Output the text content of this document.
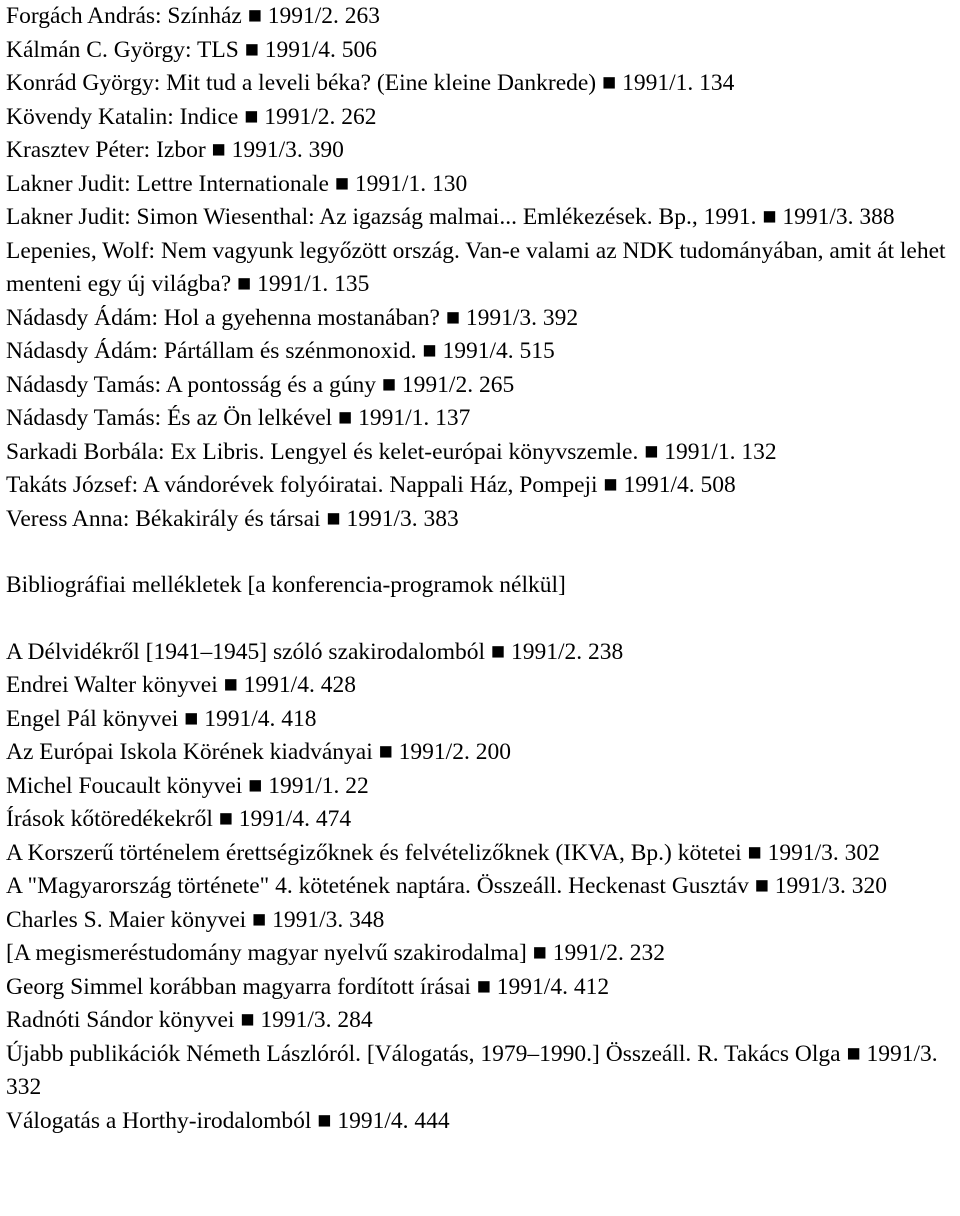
Forgách András: Színház ■ 1991/2. 263
Kálmán C. György: TLS ■ 1991/4. 506
Konrád György: Mit tud a leveli béka? (Eine kleine Dankrede) ■ 1991/1. 134
Kövendy Katalin: Indice ■ 1991/2. 262
Krasztev Péter: Izbor ■ 1991/3. 390
Lakner Judit: Lettre Internationale ■ 1991/1. 130
Lakner Judit: Simon Wiesenthal: Az igazság malmai... Emlékezések. Bp., 1991. ■ 1991/3. 388
Lepenies, Wolf: Nem vagyunk legyőzött ország. Van-e valami az NDK tudományában, amit át lehet menteni egy új világba? ■ 1991/1. 135
Nádasdy Ádám: Hol a gyehenna mostanában? ■ 1991/3. 392
Nádasdy Ádám: Pártállam és szénmonoxid. ■ 1991/4. 515
Nádasdy Tamás: A pontosság és a gúny ■ 1991/2. 265
Nádasdy Tamás: És az Ön lelkével ■ 1991/1. 137
Sarkadi Borbála: Ex Libris. Lengyel és kelet-európai könyvszemle. ■ 1991/1. 132
Takáts József: A vándorévek folyóiratai. Nappali Ház, Pompeji ■ 1991/4. 508
Veress Anna: Békakirály és társai ■ 1991/3. 383
Bibliográfiai mellékletek [a konferencia-programok nélkül]
A Délvidékről [1941–1945] szóló szakirodalomból ■ 1991/2. 238
Endrei Walter könyvei ■ 1991/4. 428
Engel Pál könyvei ■ 1991/4. 418
Az Európai Iskola Körének kiadványai ■ 1991/2. 200
Michel Foucault könyvei ■ 1991/1. 22
Írások kőtöredékekről ■ 1991/4. 474
A Korszerű történelem érettségizőknek és felvételizőknek (IKVA, Bp.) kötetei ■ 1991/3. 302
A "Magyarország története" 4. kötetének naptára. Összeáll. Heckenast Gusztáv ■ 1991/3. 320
Charles S. Maier könyvei ■ 1991/3. 348
[A megismeréstudomány magyar nyelvű szakirodalma] ■ 1991/2. 232
Georg Simmel korábban magyarra fordított írásai ■ 1991/4. 412
Radnóti Sándor könyvei ■ 1991/3. 284
Újabb publikációk Németh Lászlóról. [Válogatás, 1979–1990.] Összeáll. R. Takács Olga ■ 1991/3. 332
Válogatás a Horthy-irodalomból ■ 1991/4. 444
